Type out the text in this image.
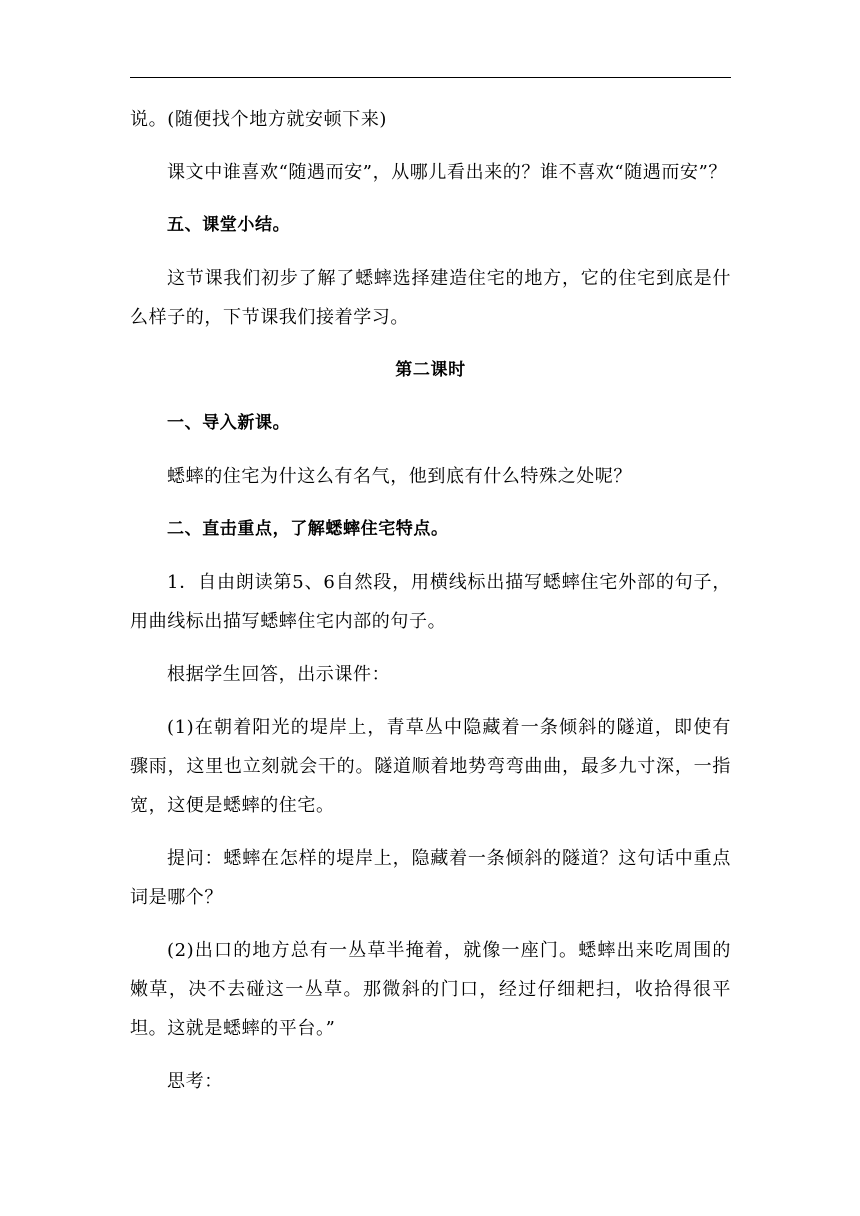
说。(随便找个地方就安顿下来)

课文中谁喜欢“随遇而安”，从哪儿看出来的？谁不喜欢“随遇而安”？

五、课堂小结。

这节课我们初步了解了蟋蟀选择建造住宅的地方，它的住宅到底是什么样子的，下节课我们接着学习。

第二课时

一、导入新课。

蟋蟀的住宅为什这么有名气，他到底有什么特殊之处呢？

二、直击重点，了解蟋蟀住宅特点。

1．自由朗读第5、6自然段，用横线标出描写蟋蟀住宅外部的句子，用曲线标出描写蟋蟀住宅内部的句子。

根据学生回答，出示课件：

(1)在朝着阳光的堤岸上，青草丛中隐藏着一条倾斜的隧道，即使有骤雨，这里也立刻就会干的。隧道顺着地势弯弯曲曲，最多九寸深，一指宽，这便是蟋蟀的住宅。

提问：蟋蟀在怎样的堤岸上，隐藏着一条倾斜的隧道？这句话中重点词是哪个？

(2)出口的地方总有一丛草半掩着，就像一座门。蟋蟀出来吃周围的嫩草，决不去碰这一丛草。那微斜的门口，经过仔细耙扫，收拾得很平坦。这就是蟋蟀的平台。”

思考：
